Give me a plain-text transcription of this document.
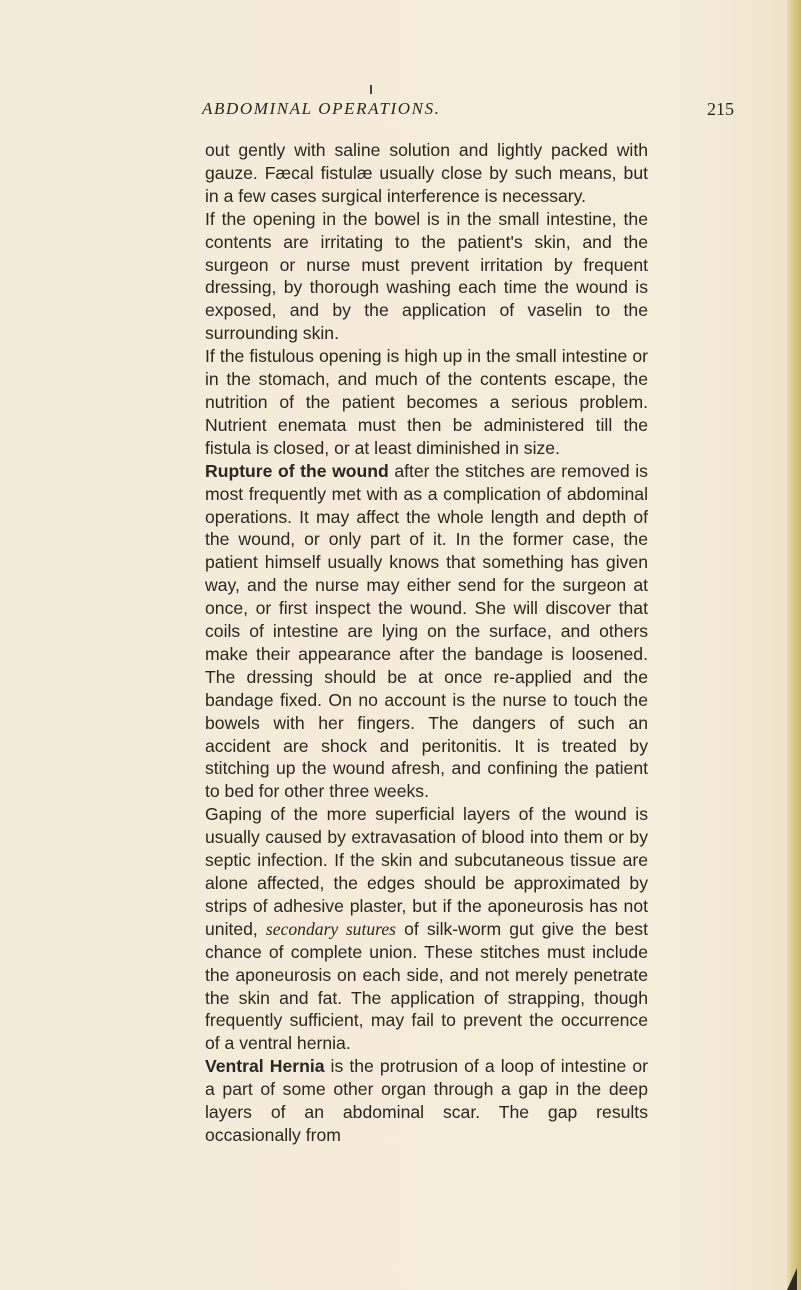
ABDOMINAL OPERATIONS.	215

out gently with saline solution and lightly packed with gauze. Fæcal fistulæ usually close by such means, but in a few cases surgical interference is necessary.

If the opening in the bowel is in the small intestine, the contents are irritating to the patient's skin, and the surgeon or nurse must prevent irritation by frequent dressing, by thorough washing each time the wound is exposed, and by the application of vaselin to the surrounding skin.

If the fistulous opening is high up in the small intestine or in the stomach, and much of the contents escape, the nutrition of the patient becomes a serious problem. Nutrient enemata must then be administered till the fistula is closed, or at least diminished in size.

Rupture of the wound after the stitches are removed is most frequently met with as a complication of abdominal operations. It may affect the whole length and depth of the wound, or only part of it. In the former case, the patient himself usually knows that something has given way, and the nurse may either send for the surgeon at once, or first inspect the wound. She will discover that coils of intestine are lying on the surface, and others make their appearance after the bandage is loosened. The dressing should be at once re-applied and the bandage fixed. On no account is the nurse to touch the bowels with her fingers. The dangers of such an accident are shock and peritonitis. It is treated by stitching up the wound afresh, and confining the patient to bed for other three weeks.

Gaping of the more superficial layers of the wound is usually caused by extravasation of blood into them or by septic infection. If the skin and subcutaneous tissue are alone affected, the edges should be approximated by strips of adhesive plaster, but if the aponeurosis has not united, secondary sutures of silk-worm gut give the best chance of complete union. These stitches must include the aponeurosis on each side, and not merely penetrate the skin and fat. The application of strapping, though frequently sufficient, may fail to prevent the occurrence of a ventral hernia.

Ventral Hernia is the protrusion of a loop of intestine or a part of some other organ through a gap in the deep layers of an abdominal scar. The gap results occasionally from
